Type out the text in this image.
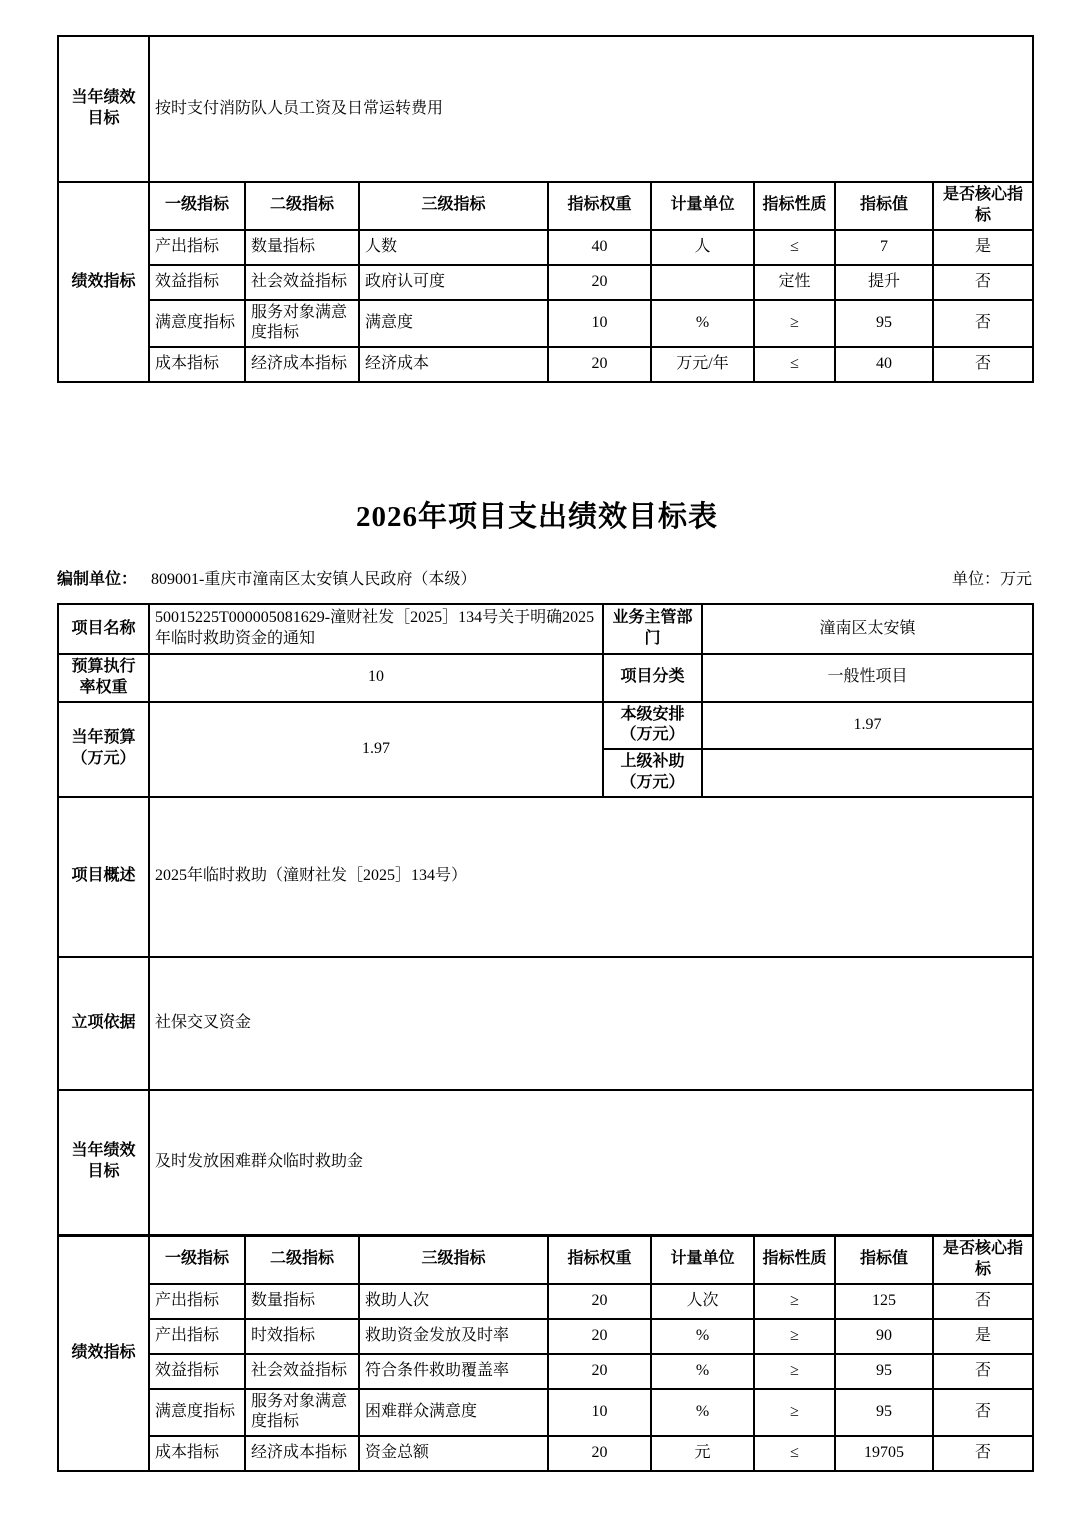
当年绩效目标	按时支付消防队人员工资及日常运转费用							
绩效指标	一级指标	二级指标	三级指标	指标权重	计量单位	指标性质	指标值	是否核心指标
	产出指标	数量指标	人数	40	人	≤	7	是
	效益指标	社会效益指标	政府认可度	20		定性	提升	否
	满意度指标	服务对象满意度指标	满意度	10	%	≥	95	否
	成本指标	经济成本指标	经济成本	20	万元/年	≤	40	否
2026年项目支出绩效目标表
编制单位： 809001-重庆市潼南区太安镇人民政府（本级）	单位：万元
项目名称	50015225T000005081629-潼财社发［2025］134号关于明确2025年临时救助资金的通知	业务主管部门	潼南区太安镇
预算执行率权重	10	项目分类	一般性项目
当年预算（万元）	1.97	本级安排（万元）	1.97
		上级补助（万元）	
项目概述	2025年临时救助（潼财社发［2025］134号）		
立项依据	社保交叉资金		
当年绩效目标	及时发放困难群众临时救助金		
绩效指标	一级指标	二级指标	三级指标	指标权重	计量单位	指标性质	指标值	是否核心指标
	产出指标	数量指标	救助人次	20	人次	≥	125	否
	产出指标	时效指标	救助资金发放及时率	20	%	≥	90	是
	效益指标	社会效益指标	符合条件救助覆盖率	20	%	≥	95	否
	满意度指标	服务对象满意度指标	困难群众满意度	10	%	≥	95	否
	成本指标	经济成本指标	资金总额	20	元	≤	19705	否
